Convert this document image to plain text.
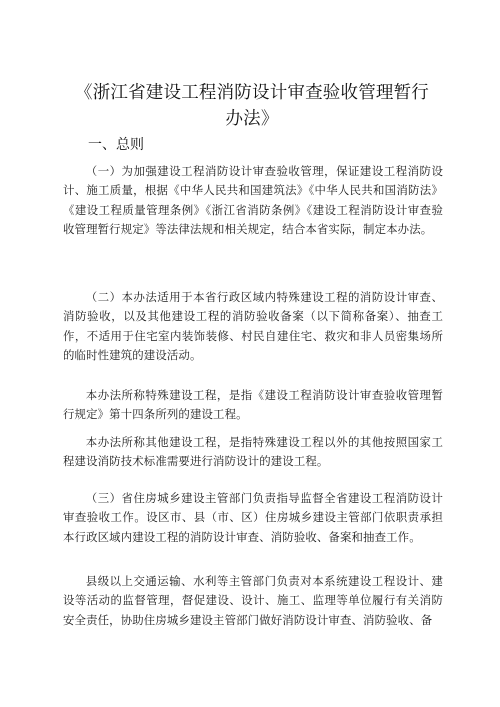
《浙江省建设工程消防设计审查验收管理暂行办法》
一、总则

（一）为加强建设工程消防设计审查验收管理，保证建设工程消防设计、施工质量，根据《中华人民共和国建筑法》《中华人民共和国消防法》《建设工程质量管理条例》《浙江省消防条例》《建设工程消防设计审查验收管理暂行规定》等法律法规和相关规定，结合本省实际，制定本办法。

（二）本办法适用于本省行政区域内特殊建设工程的消防设计审查、消防验收，以及其他建设工程的消防验收备案（以下简称备案）、抽查工作，不适用于住宅室内装饰装修、村民自建住宅、救灾和非人员密集场所的临时性建筑的建设活动。

本办法所称特殊建设工程，是指《建设工程消防设计审查验收管理暂行规定》第十四条所列的建设工程。

本办法所称其他建设工程，是指特殊建设工程以外的其他按照国家工程建设消防技术标准需要进行消防设计的建设工程。

（三）省住房城乡建设主管部门负责指导监督全省建设工程消防设计审查验收工作。设区市、县（市、区）住房城乡建设主管部门依职责承担本行政区域内建设工程的消防设计审查、消防验收、备案和抽查工作。

县级以上交通运输、水利等主管部门负责对本系统建设工程设计、建设等活动的监督管理，督促建设、设计、施工、监理等单位履行有关消防安全责任，协助住房城乡建设主管部门做好消防设计审查、消防验收、备
